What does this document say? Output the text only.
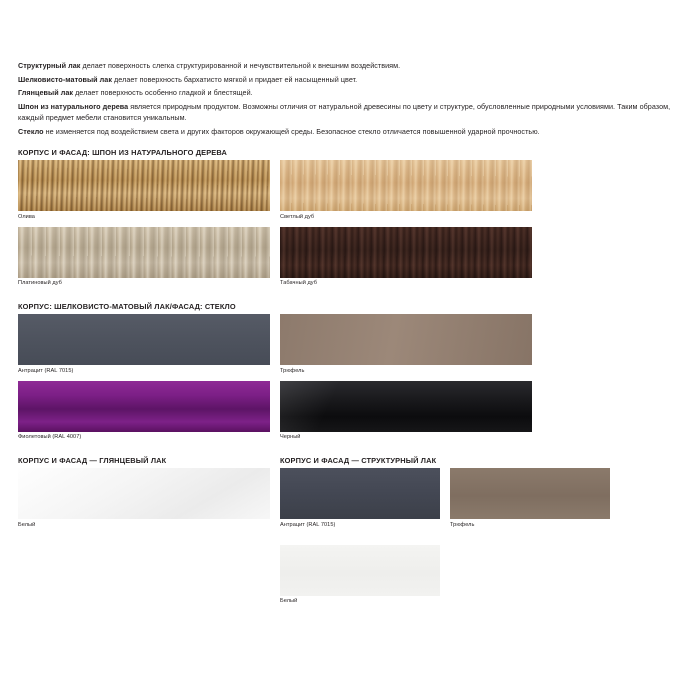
Структурный лак делает поверхность слегка структурированной и нечувствительной к внешним воздействиям.

Шелковисто-матовый лак делает поверхность бархатисто мягкой и придает ей насыщенный цвет.

Глянцевый лак делает поверхность особенно гладкой и блестящей.

Шпон из натурального дерева является природным продуктом. Возможны отличия от натуральной древесины по цвету и структуре, обусловленные природными условиями. Таким образом, каждый предмет мебели становится уникальным.

Стекло не изменяется под воздействием света и других факторов окружающей среды. Безопасное стекло отличается повышенной ударной прочностью.

КОРПУС И ФАСАД: ШПОН ИЗ НАТУРАЛЬНОГО ДЕРЕВА
Олива	Светлый дуб
Платиновый дуб	Табачный дуб
КОРПУС: ШЕЛКОВИСТО-МАТОВЫЙ ЛАК/ФАСАД: СТЕКЛО
Антрацит (RAL 7015)	Трюфель
Фиолетовый (RAL 4007)	Черный
КОРПУС И ФАСАД — ГЛЯНЦЕВЫЙ ЛАК
Белый
КОРПУС И ФАСАД — СТРУКТУРНЫЙ ЛАК
Антрацит (RAL 7015)	Трюфель
Белый
